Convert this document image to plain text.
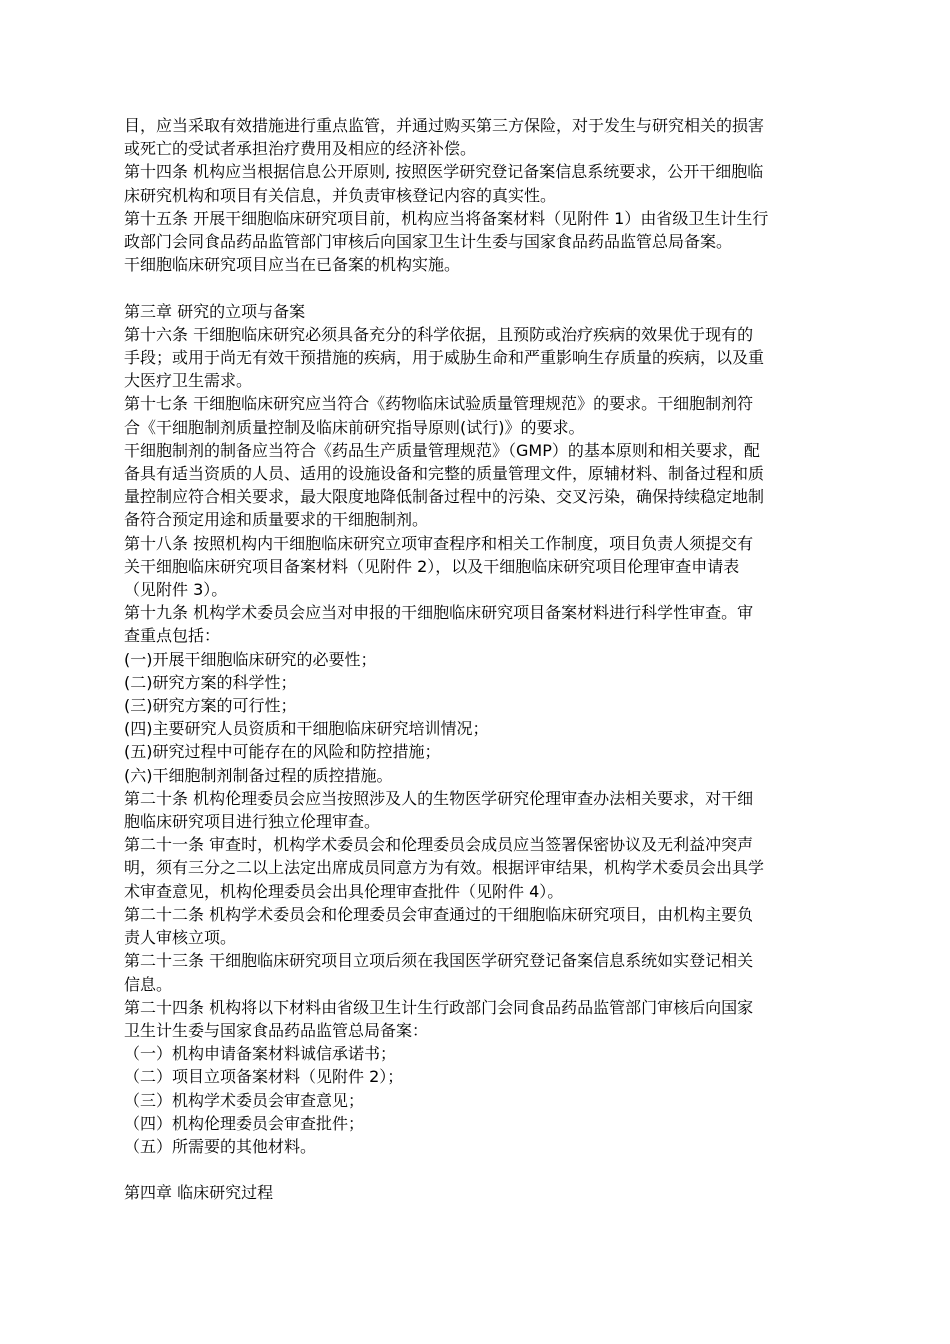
目，应当采取有效措施进行重点监管，并通过购买第三方保险，对于发生与研究相关的损害
或死亡的受试者承担治疗费用及相应的经济补偿。
第十四条 机构应当根据信息公开原则, 按照医学研究登记备案信息系统要求，公开干细胞临
床研究机构和项目有关信息，并负责审核登记内容的真实性。
第十五条 开展干细胞临床研究项目前，机构应当将备案材料（见附件 1）由省级卫生计生行
政部门会同食品药品监管部门审核后向国家卫生计生委与国家食品药品监管总局备案。
干细胞临床研究项目应当在已备案的机构实施。
第三章 研究的立项与备案
第十六条 干细胞临床研究必须具备充分的科学依据，且预防或治疗疾病的效果优于现有的
手段；或用于尚无有效干预措施的疾病，用于威胁生命和严重影响生存质量的疾病，以及重
大医疗卫生需求。
第十七条 干细胞临床研究应当符合《药物临床试验质量管理规范》的要求。干细胞制剂符
合《干细胞制剂质量控制及临床前研究指导原则(试行)》的要求。
干细胞制剂的制备应当符合《药品生产质量管理规范》（GMP）的基本原则和相关要求，配
备具有适当资质的人员、适用的设施设备和完整的质量管理文件，原辅材料、制备过程和质
量控制应符合相关要求，最大限度地降低制备过程中的污染、交叉污染，确保持续稳定地制
备符合预定用途和质量要求的干细胞制剂。
第十八条 按照机构内干细胞临床研究立项审查程序和相关工作制度，项目负责人须提交有
关干细胞临床研究项目备案材料（见附件 2），以及干细胞临床研究项目伦理审查申请表
（见附件 3）。
第十九条 机构学术委员会应当对申报的干细胞临床研究项目备案材料进行科学性审查。审
查重点包括：
(一)开展干细胞临床研究的必要性；
(二)研究方案的科学性；
(三)研究方案的可行性；
(四)主要研究人员资质和干细胞临床研究培训情况；
(五)研究过程中可能存在的风险和防控措施；
(六)干细胞制剂制备过程的质控措施。
第二十条 机构伦理委员会应当按照涉及人的生物医学研究伦理审查办法相关要求，对干细
胞临床研究项目进行独立伦理审查。
第二十一条 审查时，机构学术委员会和伦理委员会成员应当签署保密协议及无利益冲突声
明，须有三分之二以上法定出席成员同意方为有效。根据评审结果，机构学术委员会出具学
术审查意见，机构伦理委员会出具伦理审查批件（见附件 4）。
第二十二条 机构学术委员会和伦理委员会审查通过的干细胞临床研究项目，由机构主要负
责人审核立项。
第二十三条 干细胞临床研究项目立项后须在我国医学研究登记备案信息系统如实登记相关
信息。
第二十四条 机构将以下材料由省级卫生计生行政部门会同食品药品监管部门审核后向国家
卫生计生委与国家食品药品监管总局备案：
（一）机构申请备案材料诚信承诺书；
（二）项目立项备案材料（见附件 2）；
（三）机构学术委员会审查意见；
（四）机构伦理委员会审查批件；
（五）所需要的其他材料。
第四章 临床研究过程
